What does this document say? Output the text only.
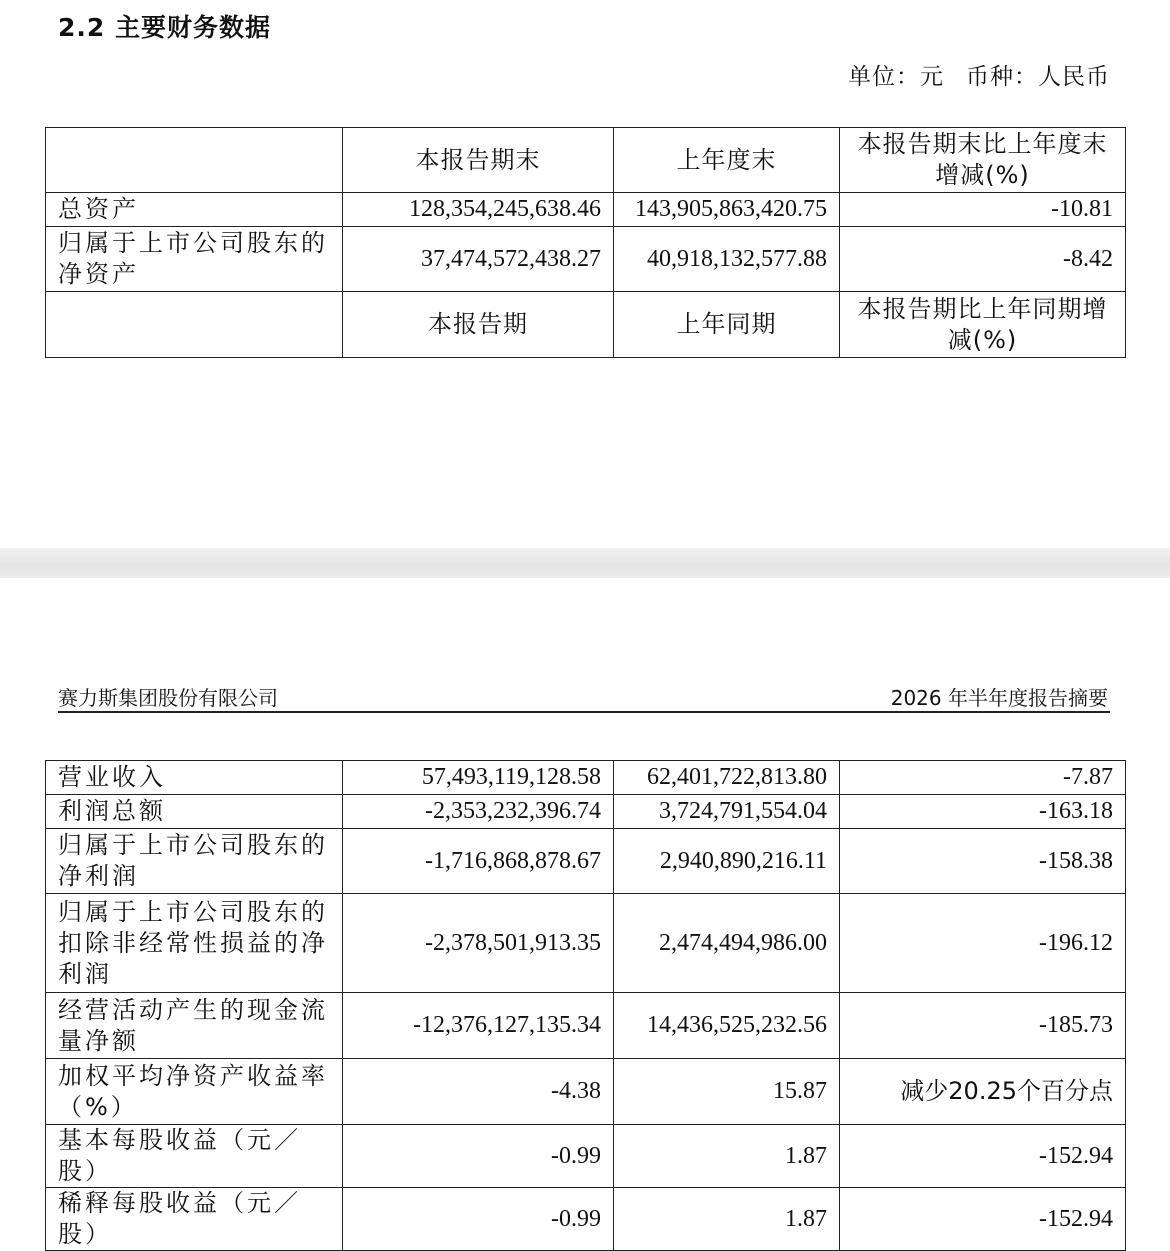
2.2 主要财务数据
单位：元 币种：人民币
	本报告期末	上年度末	本报告期末比上年度末增减(%)
总资产	128,354,245,638.46	143,905,863,420.75	-10.81
归属于上市公司股东的净资产	37,474,572,438.27	40,918,132,577.88	-8.42
	本报告期	上年同期	本报告期比上年同期增减(%)
赛力斯集团股份有限公司	2026 年半年度报告摘要
营业收入	57,493,119,128.58	62,401,722,813.80	-7.87
利润总额	-2,353,232,396.74	3,724,791,554.04	-163.18
归属于上市公司股东的净利润	-1,716,868,878.67	2,940,890,216.11	-158.38
归属于上市公司股东的扣除非经常性损益的净利润	-2,378,501,913.35	2,474,494,986.00	-196.12
经营活动产生的现金流量净额	-12,376,127,135.34	14,436,525,232.56	-185.73
加权平均净资产收益率（%）	-4.38	15.87	减少20.25个百分点
基本每股收益（元／股）	-0.99	1.87	-152.94
稀释每股收益（元／股）	-0.99	1.87	-152.94
